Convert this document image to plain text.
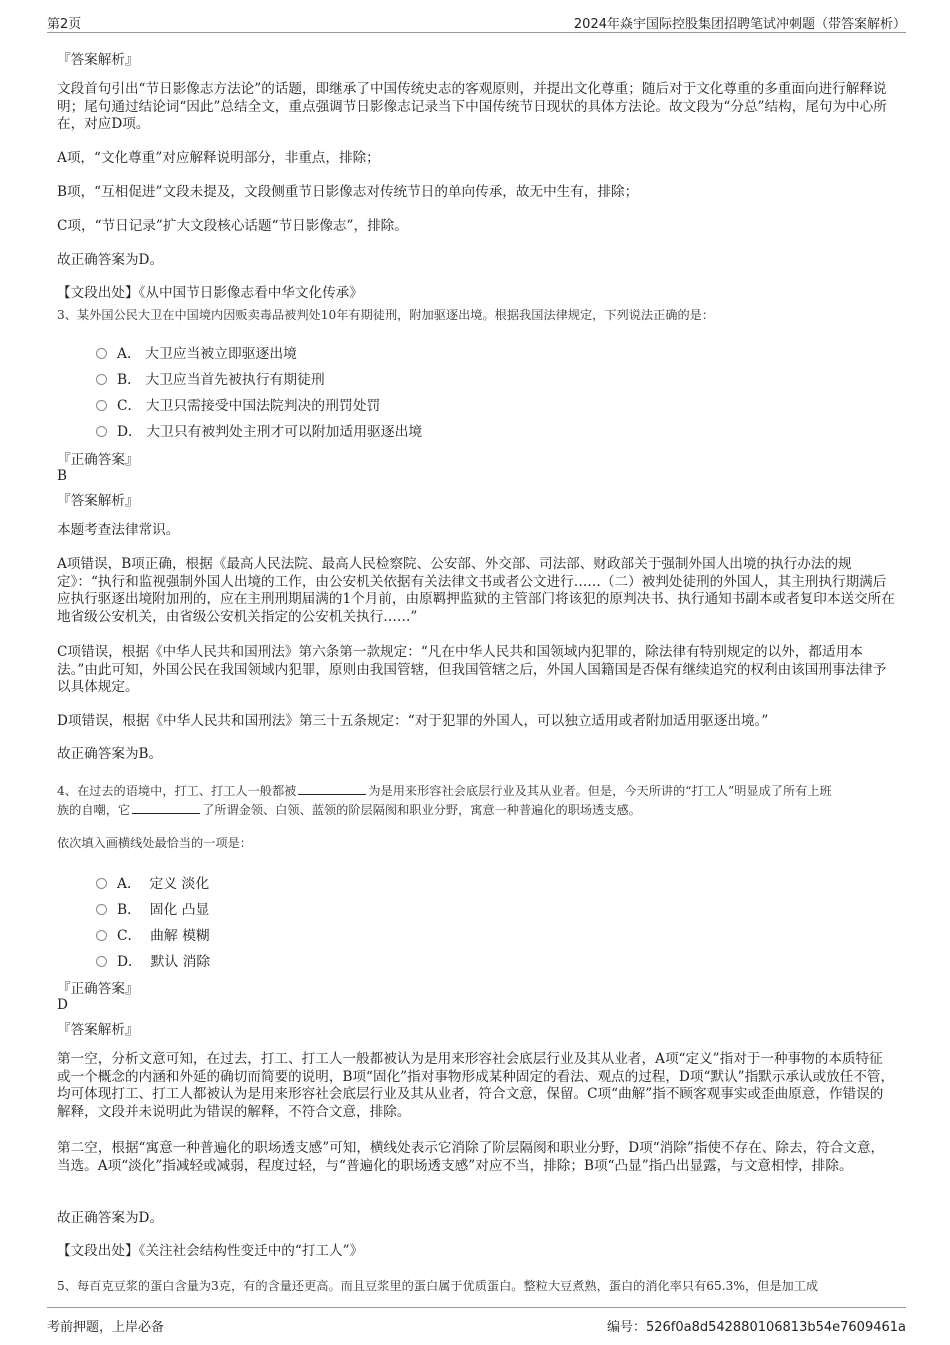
第2页	2024年焱宇国际控股集团招聘笔试冲刺题（带答案解析）
『答案解析』
文段首句引出“节日影像志方法论”的话题，即继承了中国传统史志的客观原则，并提出文化尊重；随后对于文化尊重的多重面向进行解释说明；尾句通过结论词“因此”总结全文，重点强调节日影像志记录当下中国传统节日现状的具体方法论。故文段为“分总”结构，尾句为中心所在，对应D项。
A项，“文化尊重”对应解释说明部分，非重点，排除；
B项，“互相促进”文段未提及，文段侧重节日影像志对传统节日的单向传承，故无中生有，排除；
C项，“节日记录”扩大文段核心话题“节日影像志”，排除。
故正确答案为D。
【文段出处】《从中国节日影像志看中华文化传承》
3、某外国公民大卫在中国境内因贩卖毒品被判处10年有期徒刑，附加驱逐出境。根据我国法律规定，下列说法正确的是：
A．
大卫应当被立即驱逐出境
B．
大卫应当首先被执行有期徒刑
C．
大卫只需接受中国法院判决的刑罚处罚
D．
大卫只有被判处主刑才可以附加适用驱逐出境
『正确答案』
B
『答案解析』
本题考查法律常识。
A项错误，B项正确，根据《最高人民法院、最高人民检察院、公安部、外交部、司法部、财政部关于强制外国人出境的执行办法的规定》：“执行和监视强制外国人出境的工作，由公安机关依据有关法律文书或者公文进行……（二）被判处徒刑的外国人，其主刑执行期满后应执行驱逐出境附加刑的，应在主刑刑期届满的1个月前，由原羁押监狱的主管部门将该犯的原判决书、执行通知书副本或者复印本送交所在地省级公安机关，由省级公安机关指定的公安机关执行……”
C项错误，根据《中华人民共和国刑法》第六条第一款规定：“凡在中华人民共和国领域内犯罪的，除法律有特别规定的以外，都适用本法。”由此可知，外国公民在我国领域内犯罪，原则由我国管辖，但我国管辖之后，外国人国籍国是否保有继续追究的权利由该国刑事法律予以具体规定。
D项错误，根据《中华人民共和国刑法》第三十五条规定：“对于犯罪的外国人，可以独立适用或者附加适用驱逐出境。”
故正确答案为B。
4、在过去的语境中，打工、打工人一般都被	为是用来形容社会底层行业及其从业者。但是，今天所讲的“打工人”明显成了所有上班
族的自嘲，它	了所谓金领、白领、蓝领的阶层隔阂和职业分野，寓意一种普遍化的职场透支感。
依次填入画横线处最恰当的一项是：
A．
定义 淡化
B．
固化 凸显
C．
曲解 模糊
D．
默认 消除
『正确答案』
D
『答案解析』
第一空，分析文意可知，在过去，打工、打工人一般都被认为是用来形容社会底层行业及其从业者，A项“定义”指对于一种事物的本质特征或一个概念的内涵和外延的确切而简要的说明，B项“固化”指对事物形成某种固定的看法、观点的过程，D项“默认”指默示承认或放任不管，均可体现打工、打工人都被认为是用来形容社会底层行业及其从业者，符合文意，保留。C项“曲解”指不顾客观事实或歪曲原意，作错误的解释，文段并未说明此为错误的解释，不符合文意，排除。
第二空，根据“寓意一种普遍化的职场透支感”可知，横线处表示它消除了阶层隔阂和职业分野，D项“消除”指使不存在、除去，符合文意，当选。A项“淡化”指减轻或减弱，程度过轻，与“普遍化的职场透支感”对应不当，排除；B项“凸显”指凸出显露，与文意相悖，排除。
故正确答案为D。
【文段出处】《关注社会结构性变迁中的“打工人”》
5、每百克豆浆的蛋白含量为3克，有的含量还更高。而且豆浆里的蛋白属于优质蛋白。整粒大豆煮熟，蛋白的消化率只有65.3%，但是加工成
考前押题，上岸必备	编号：526f0a8d542880106813b54e7609461a
